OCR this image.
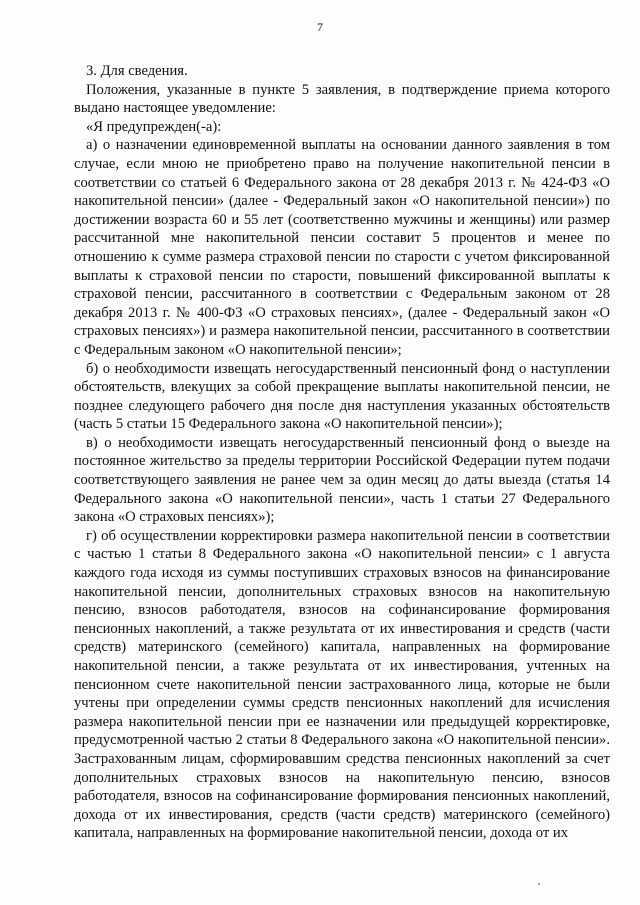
7

3. Для сведения.

Положения, указанные в пункте 5 заявления, в подтверждение приема которого выдано настоящее уведомление:

«Я предупрежден(-а):

а) о назначении единовременной выплаты на основании данного заявления в том случае, если мною не приобретено право на получение накопительной пенсии в соответствии со статьей 6 Федерального закона от 28 декабря 2013 г. № 424-ФЗ «О накопительной пенсии» (далее - Федеральный закон «О накопительной пенсии») по достижении возраста 60 и 55 лет (соответственно мужчины и женщины) или размер рассчитанной мне накопительной пенсии составит 5 процентов и менее по отношению к сумме размера страховой пенсии по старости с учетом фиксированной выплаты к страховой пенсии по старости, повышений фиксированной выплаты к страховой пенсии, рассчитанного в соответствии с Федеральным законом от 28 декабря 2013 г. № 400-ФЗ «О страховых пенсиях», (далее - Федеральный закон «О страховых пенсиях») и размера накопительной пенсии, рассчитанного в соответствии с Федеральным законом «О накопительной пенсии»;

б) о необходимости извещать негосударственный пенсионный фонд о наступлении обстоятельств, влекущих за собой прекращение выплаты накопительной пенсии, не позднее следующего рабочего дня после дня наступления указанных обстоятельств (часть 5 статьи 15 Федерального закона «О накопительной пенсии»);

в) о необходимости извещать негосударственный пенсионный фонд о выезде на постоянное жительство за пределы территории Российской Федерации путем подачи соответствующего заявления не ранее чем за один месяц до даты выезда (статья 14 Федерального закона «О накопительной пенсии», часть 1 статьи 27 Федерального закона «О страховых пенсиях»);

г) об осуществлении корректировки размера накопительной пенсии в соответствии с частью 1 статьи 8 Федерального закона «О накопительной пенсии» с 1 августа каждого года исходя из суммы поступивших страховых взносов на финансирование накопительной пенсии, дополнительных страховых взносов на накопительную пенсию, взносов работодателя, взносов на софинансирование формирования пенсионных накоплений, а также результата от их инвестирования и средств (части средств) материнского (семейного) капитала, направленных на формирование накопительной пенсии, а также результата от их инвестирования, учтенных на пенсионном счете накопительной пенсии застрахованного лица, которые не были учтены при определении суммы средств пенсионных накоплений для исчисления размера накопительной пенсии при ее назначении или предыдущей корректировке, предусмотренной частью 2 статьи 8 Федерального закона «О накопительной пенсии». Застрахованным лицам, сформировавшим средства пенсионных накоплений за счет дополнительных страховых взносов на накопительную пенсию, взносов работодателя, взносов на софинансирование формирования пенсионных накоплений, дохода от их инвестирования, средств (части средств) материнского (семейного) капитала, направленных на формирование накопительной пенсии, дохода от их
